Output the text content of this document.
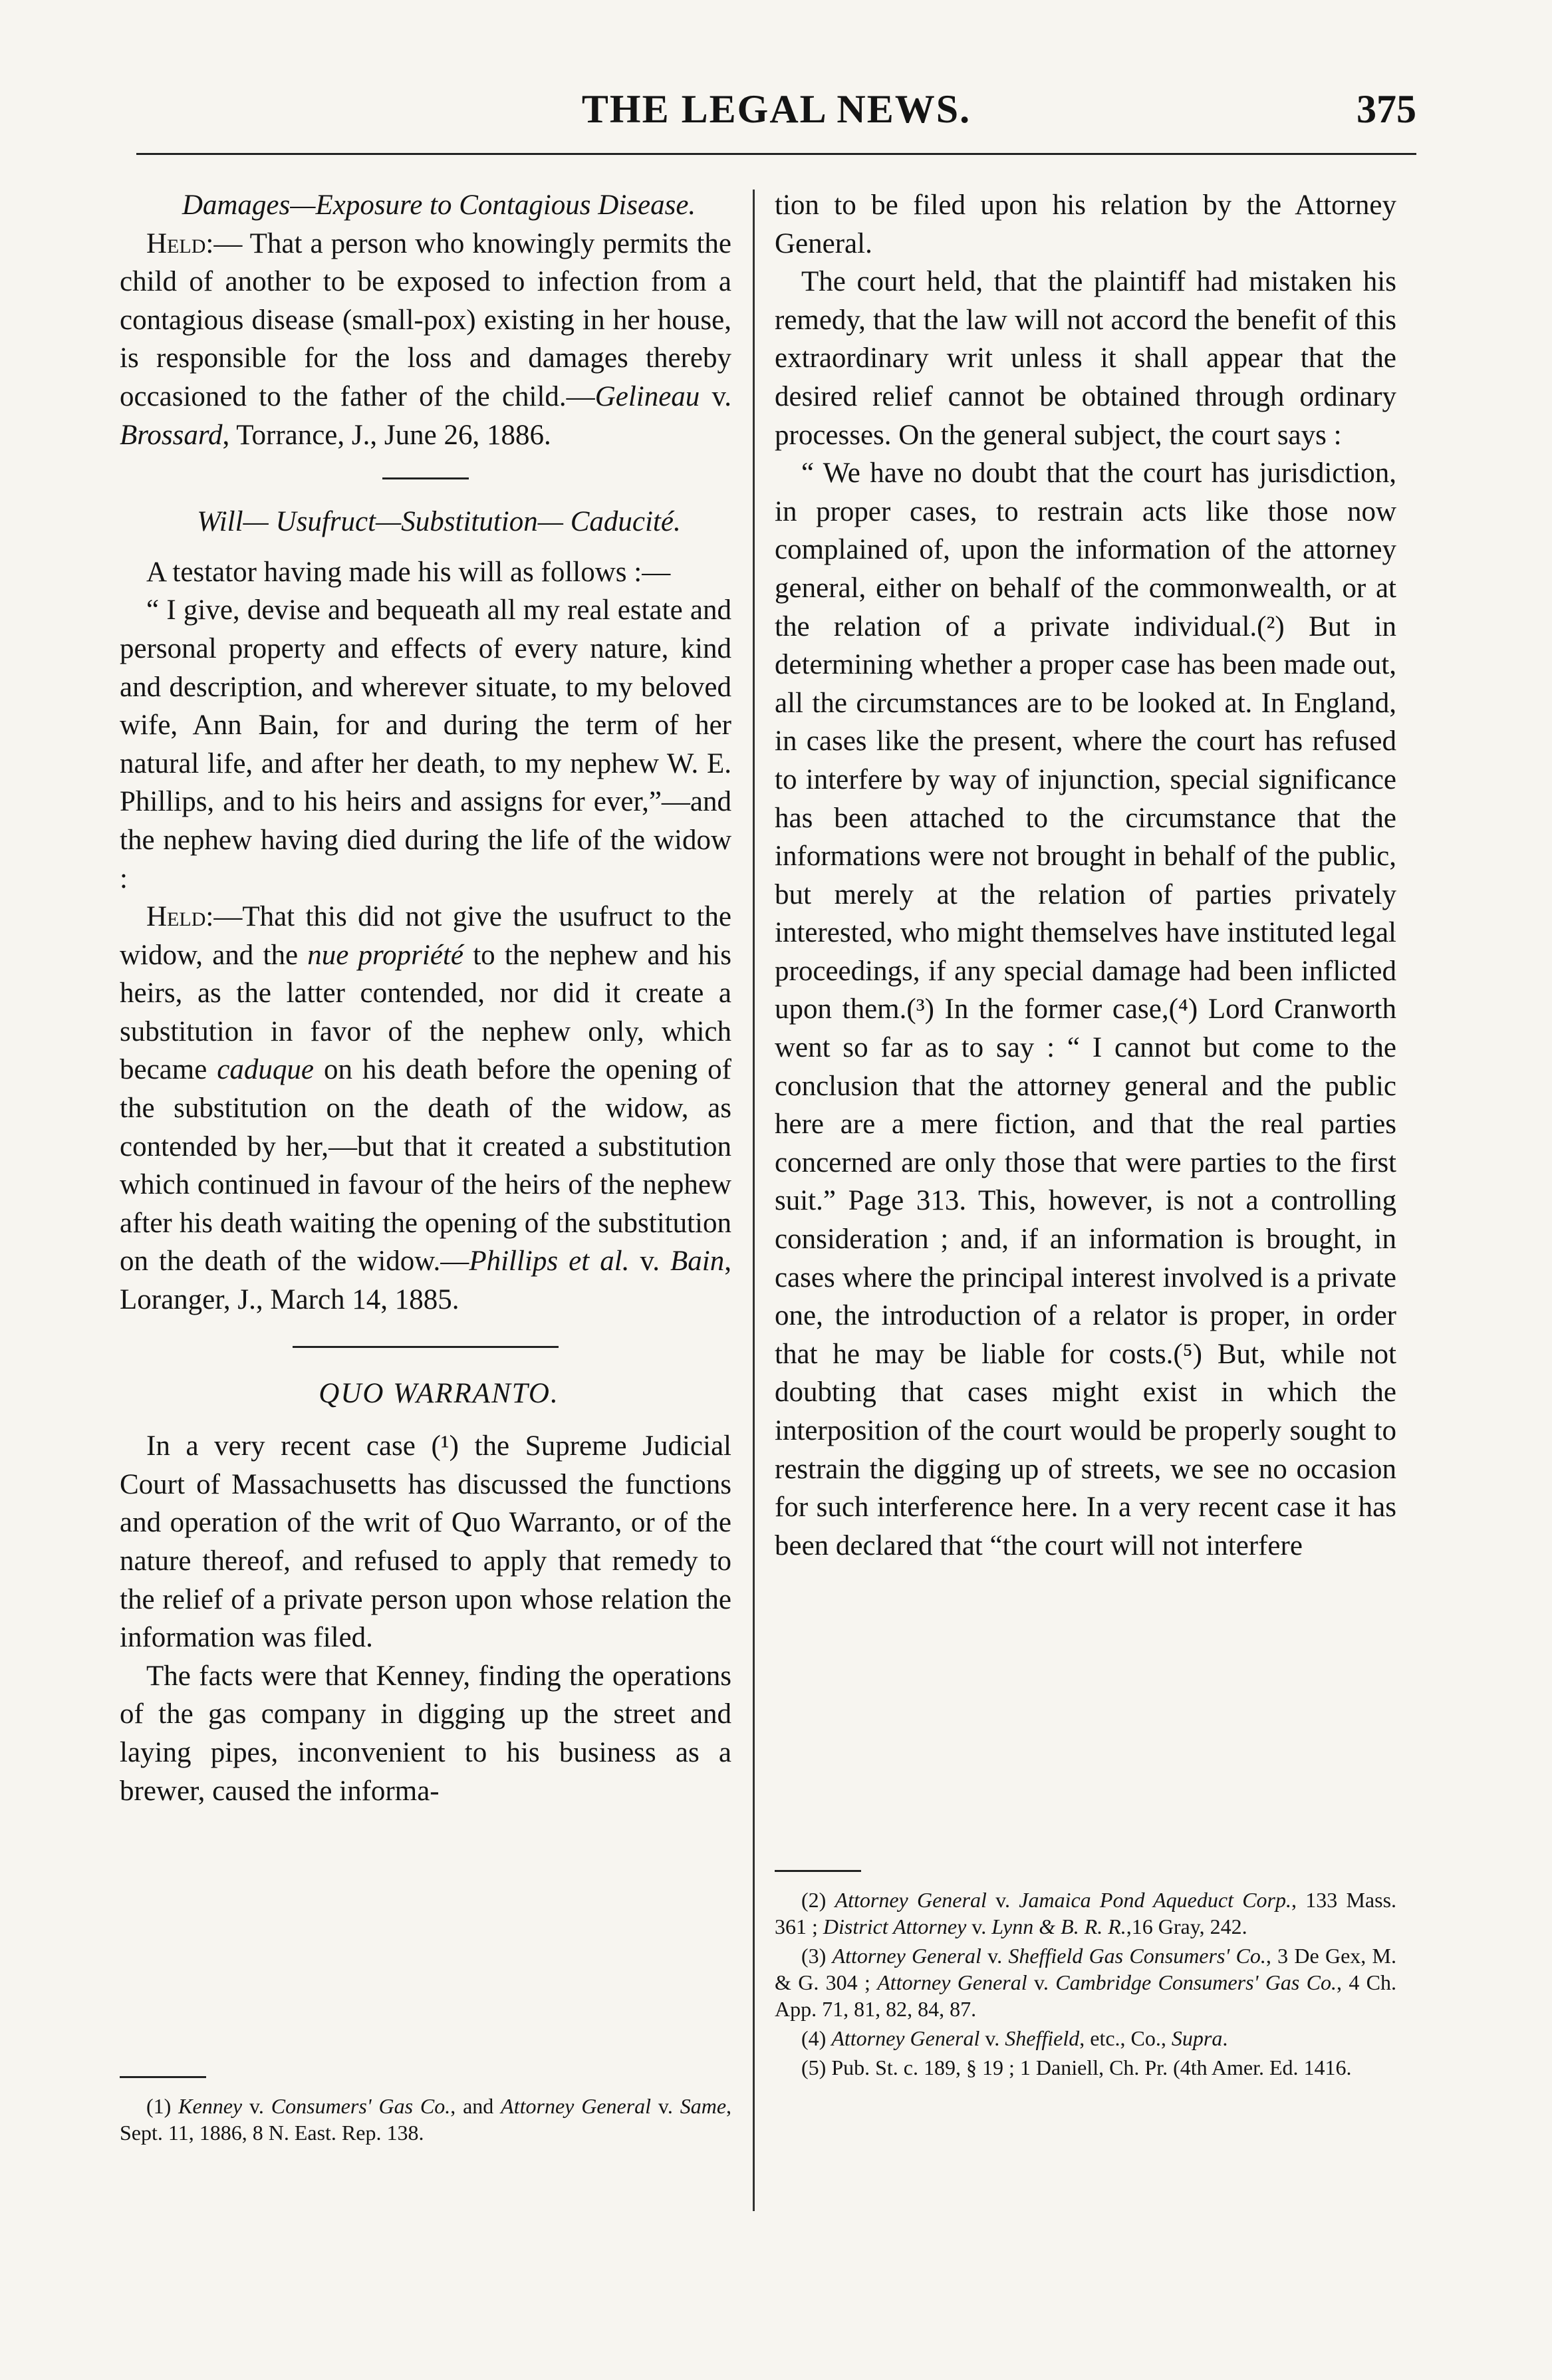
THE LEGAL NEWS.	375

Damages—Exposure to Contagious Disease.

Held:— That a person who knowingly permits the child of another to be exposed to infection from a contagious disease (small-pox) existing in her house, is responsible for the loss and damages thereby occasioned to the father of the child.—Gelineau v. Brossard, Torrance, J., June 26, 1886.

Will— Usufruct—Substitution— Caducité.

A testator having made his will as follows :—

“ I give, devise and bequeath all my real estate and personal property and effects of every nature, kind and description, and wherever situate, to my beloved wife, Ann Bain, for and during the term of her natural life, and after her death, to my nephew W. E. Phillips, and to his heirs and assigns for ever,”—and the nephew having died during the life of the widow :

Held:—That this did not give the usufruct to the widow, and the nue propriété to the nephew and his heirs, as the latter contended, nor did it create a substitution in favor of the nephew only, which became caduque on his death before the opening of the substitution on the death of the widow, as contended by her,—but that it created a substitution which continued in favour of the heirs of the nephew after his death waiting the opening of the substitution on the death of the widow.—Phillips et al. v. Bain, Loranger, J., March 14, 1885.

QUO WARRANTO.

In a very recent case (¹) the Supreme Judicial Court of Massachusetts has discussed the functions and operation of the writ of Quo Warranto, or of the nature thereof, and refused to apply that remedy to the relief of a private person upon whose relation the information was filed.

The facts were that Kenney, finding the operations of the gas company in digging up the street and laying pipes, inconvenient to his business as a brewer, caused the informa-

(1) Kenney v. Consumers' Gas Co., and Attorney General v. Same, Sept. 11, 1886, 8 N. East. Rep. 138.

tion to be filed upon his relation by the Attorney General.

The court held, that the plaintiff had mistaken his remedy, that the law will not accord the benefit of this extraordinary writ unless it shall appear that the desired relief cannot be obtained through ordinary processes. On the general subject, the court says :

“ We have no doubt that the court has jurisdiction, in proper cases, to restrain acts like those now complained of, upon the information of the attorney general, either on behalf of the commonwealth, or at the relation of a private individual.(²) But in determining whether a proper case has been made out, all the circumstances are to be looked at. In England, in cases like the present, where the court has refused to interfere by way of injunction, special significance has been attached to the circumstance that the informations were not brought in behalf of the public, but merely at the relation of parties privately interested, who might themselves have instituted legal proceedings, if any special damage had been inflicted upon them.(³) In the former case,(⁴) Lord Cranworth went so far as to say : “ I cannot but come to the conclusion that the attorney general and the public here are a mere fiction, and that the real parties concerned are only those that were parties to the first suit.” Page 313. This, however, is not a controlling consideration ; and, if an information is brought, in cases where the principal interest involved is a private one, the introduction of a relator is proper, in order that he may be liable for costs.(⁵) But, while not doubting that cases might exist in which the interposition of the court would be properly sought to restrain the digging up of streets, we see no occasion for such interference here. In a very recent case it has been declared that “the court will not interfere

(2) Attorney General v. Jamaica Pond Aqueduct Corp., 133 Mass. 361 ; District Attorney v. Lynn & B. R. R.,16 Gray, 242.

(3) Attorney General v. Sheffield Gas Consumers' Co., 3 De Gex, M. & G. 304 ; Attorney General v. Cambridge Consumers' Gas Co., 4 Ch. App. 71, 81, 82, 84, 87.

(4) Attorney General v. Sheffield, etc., Co., Supra.

(5) Pub. St. c. 189, § 19 ; 1 Daniell, Ch. Pr. (4th Amer. Ed. 1416.
